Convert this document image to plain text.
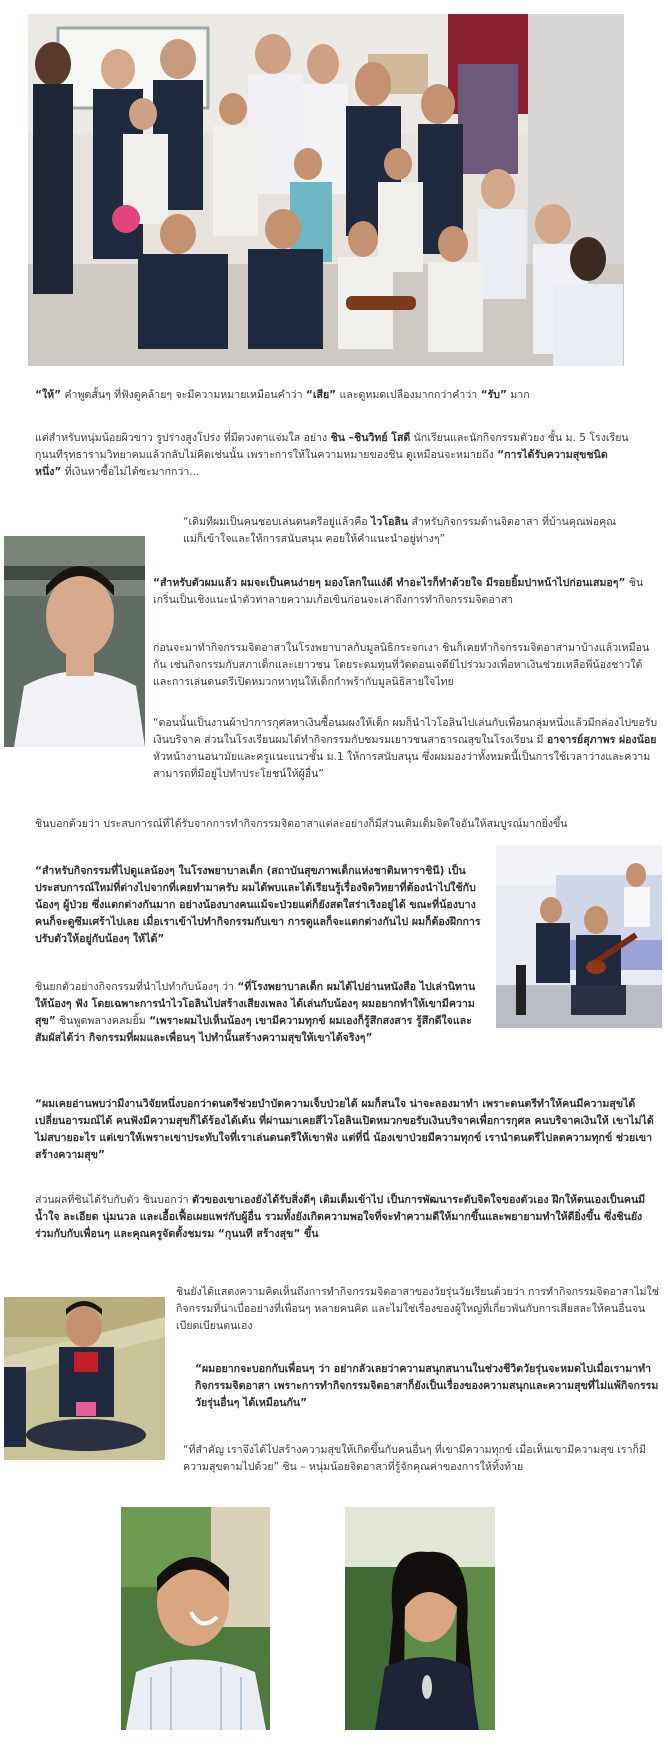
“ให้” คำพูดสั้นๆ ที่ฟังดูคล้ายๆ จะมีความหมายเหมือนคำว่า “เสีย” และดูหมดเปลืองมากกว่าคำว่า “รับ” มาก

แต่สำหรับหนุ่มน้อยผิวขาว รูปร่างสูงโปร่ง ที่มีดวงตาแจ่มใส อย่าง ชิน –ชินวิทย์ โสดี นักเรียนและนักกิจกรรมตัวยง ชั้น ม. 5 โรงเรียนกุนนทีรุทธารามวิทยาคมแล้วกลับไม่คิดเช่นนั้น เพราะการให้ในความหมายของชิน ดูเหมือนจะหมายถึง “การได้รับความสุขชนิดหนึ่ง” ที่เงินหาซื้อไม่ได้ซะมากกว่า...

“เดิมทีผมเป็นคนชอบเล่นดนตรีอยู่แล้วคือ ไวโอลิน สำหรับกิจกรรมด้านจิตอาสา ที่บ้านคุณพ่อคุณแม่ก็เข้าใจและให้การสนับสนุน คอยให้คำแนะนำอยู่ห่างๆ”

“สำหรับตัวผมแล้ว ผมจะเป็นคนง่ายๆ มองโลกในแง่ดี ทำอะไรก็ทำด้วยใจ มีรอยยิ้มปาหน้าไปก่อนเสมอๆ” ชินเกริ่นเป็นเชิงแนะนำตัวท่าลายความเก้อเขินก่อนจะเล่าถึงการทำกิจกรรมจิตอาสา

ก่อนจะมาทำกิจกรรมจิตอาสาในโรงพยาบาลกับมูลนิธิกระจกเงา ชินก็เคยทำกิจกรรมจิตอาสามาบ้างแล้วเหมือนกัน เช่นกิจกรรมกับสภาเด็กและเยาวชน โดยระดมทุนที่วัดดอนเจดีย์ไปร่วมวงเพื่อหาเงินช่วยเหลือพี่น้องชาวใต้ และการเล่นดนตรีเปิดหมวกหาทุนให้เด็กกำพร้ากับมูลนิธิสายใจไทย

“ตอนนั้นเป็นงานผ้าป่าการกุศลหาเงินซื้อนมผงให้เด็ก ผมก็นำไวโอลินไปเล่นกับเพื่อนกลุ่มหนึ่งแล้วมีกล่องไปขอรับเงินบริจาค ส่วนในโรงเรียนผมได้ทำกิจกรรมกับชมรมเยาวชนสาธารณสุขในโรงเรียน มี อาจารย์สุภาพร ผ่องน้อย หัวหน้างานอนามัยและครูแนะแนวชั้น ม.1 ให้การสนับสนุน ซึ่งผมมองว่าทั้งหมดนี้เป็นการใช้เวลาว่างและความสามารถที่มีอยู่ไปทำประโยชน์ให้ผู้อื่น”

ชินบอกด้วยว่า ประสบการณ์ที่ได้รับจากการทำกิจกรรมจิตอาสาแต่ละอย่างก็มีส่วนเติมเต็มจิตใจอันให้สมบูรณ์มากยิ่งขึ้น

“สำหรับกิจกรรมที่ไปดูแลน้องๆ ในโรงพยาบาลเด็ก (สถาบันสุขภาพเด็กแห่งชาติมหาราชินี) เป็นประสบการณ์ใหม่ที่ต่างไปจากที่เคยทำมาครับ ผมได้พบและได้เรียนรู้เรื่องจิตวิทยาที่ต้องนำไปใช้กับน้องๆ ผู้ป่วย ซึ่งแตกต่างกันมาก อย่างน้องบางคนแม้จะป่วยแต่ก็ยังสดใสร่าเริงอยู่ได้ ขณะที่น้องบางคนก็จะดูซึมเศร้าไปเลย เมื่อเราเข้าไปทำกิจกรรมกับเขา การดูแลก็จะแตกต่างกันไป ผมก็ต้องฝึกการปรับตัวให้อยู่กับน้องๆ ให้ได้”

ชินยกตัวอย่างกิจกรรมที่นำไปทำกับน้องๆ ว่า “ที่โรงพยาบาลเด็ก ผมได้ไปอ่านหนังสือ ไปเล่านิทาน ให้น้องๆ ฟัง โดยเฉพาะการนำไวโอลินไปสร้างเสียงเพลง ได้เล่นกับน้องๆ ผมอยากทำให้เขามีความสุข” ชินพูดพลางคลมยิ้ม “เพราะผมไปเห็นน้องๆ เขามีความทุกข์ ผมเองก็รู้สึกสงสาร รู้สึกดีใจและสัมผัสได้ว่า กิจกรรมที่ผมและเพื่อนๆ ไปทำนั้นสร้างความสุขให้เขาได้จริงๆ”

“ผมเคยอ่านพบว่ามีงานวิจัยหนึ่งบอกว่าดนตรีช่วยบำบัดความเจ็บป่วยได้ ผมก็สนใจ น่าจะลองมาทำ เพราะดนตรีทำให้คนมีความสุขได้ เปลี่ยนอารมณ์ได้ คนฟังมีความสุขก็ได้ร้องได้เต้น ที่ผ่านมาเคยสีไวโอลินเปิดหมวกขอรับเงินบริจาคเพื่อการกุศล คนบริจาคเงินให้ เขาไม่ได้ไม่สบายอะไร แต่เขาให้เพราะเขาประทับใจที่เราเล่นดนตรีให้เขาฟัง แต่ที่นี่ น้องเขาป่วยมีความทุกข์ เรานำดนตรีไปลดความทุกข์ ช่วยเขาสร้างความสุข”

ส่วนผลที่ชินได้รับกับตัว ชินบอกว่า ตัวของเขาเองยังได้รับสิ่งดีๆ เติมเต็มเข้าไป เป็นการพัฒนาระดับจิตใจของตัวเอง ฝึกให้ตนเองเป็นคนมีน้ำใจ ละเอียด นุ่มนวล และเอื้อเฟื้อเผยแพร่กับผู้อื่น รวมทั้งยังเกิดความพอใจที่จะทำความดีให้มากขึ้นและพยายามทำให้ดียิ่งขึ้น ซึ่งชินยังร่วมกับกับเพื่อนๆ และคุณครูจัดตั้งชมรม “กุนนที สร้างสุข” ขึ้น

ชินยังได้แสดงความคิดเห็นถึงการทำกิจกรรมจิตอาสาของวัยรุ่นวัยเรียนด้วยว่า การทำกิจกรรมจิตอาสาไม่ใช่กิจกรรมที่น่าเบื่ออย่างที่เพื่อนๆ หลายคนคิด และไม่ใช่เรื่องของผู้ใหญ่ที่เกี่ยวพันกับการเสียสละให้คนอื่นจนเบียดเบียนตนเอง

“ผมอยากจะบอกกับเพื่อนๆ ว่า อย่ากลัวเลยว่าความสนุกสนานในช่วงชีวิตวัยรุ่นจะหมดไปเมื่อเรามาทำกิจกรรมจิตอาสา เพราะการทำกิจกรรมจิตอาสาก็ยังเป็นเรื่องของความสนุกและความสุขที่ไม่แพ้กิจกรรมวัยรุ่นอื่นๆ ได้เหมือนกัน”

“ที่สำคัญ เราจึงได้ไปสร้างความสุขให้เกิดขึ้นกับคนอื่นๆ ที่เขามีความทุกข์ เมื่อเห็นเขามีความสุข เราก็มีความสุขตามไปด้วย” ชิน – หนุ่มน้อยจิตอาสาที่รู้จักคุณค่าของการให้ทิ้งท้าย
